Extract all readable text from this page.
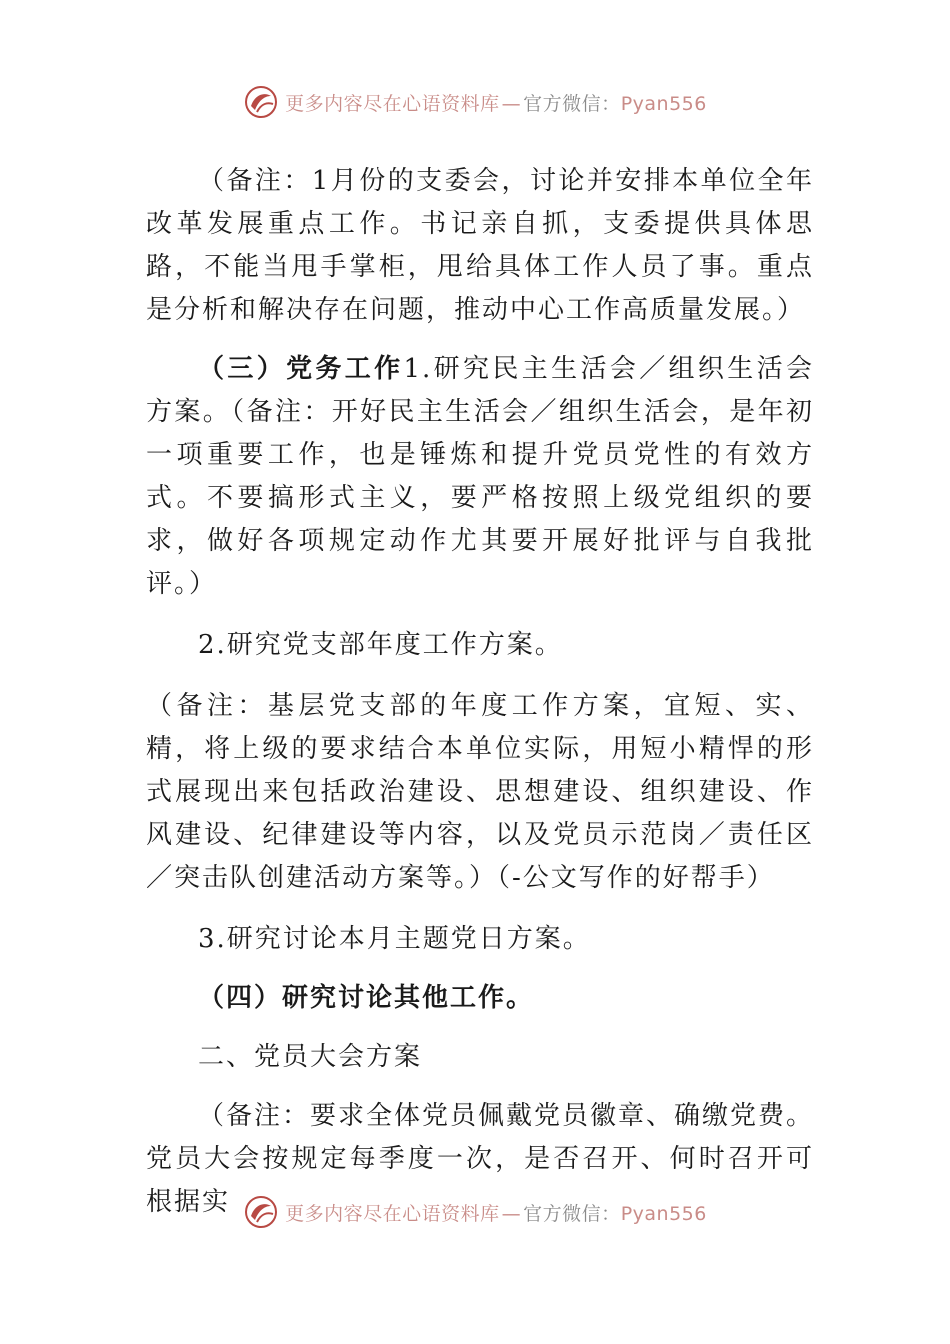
更多内容尽在心语资料库 — 官方微信：Pyan556

（备注：1月份的支委会，讨论并安排本单位全年改革发展重点工作。书记亲自抓，支委提供具体思路，不能当甩手掌柜，甩给具体工作人员了事。重点是分析和解决存在问题，推动中心工作高质量发展。）

（三）党务工作1.研究民主生活会／组织生活会方案。（备注：开好民主生活会／组织生活会，是年初一项重要工作，也是锤炼和提升党员党性的有效方式。不要搞形式主义，要严格按照上级党组织的要求，做好各项规定动作尤其要开展好批评与自我批评。）

2.研究党支部年度工作方案。

（备注：基层党支部的年度工作方案，宜短、实、精，将上级的要求结合本单位实际，用短小精悍的形式展现出来包括政治建设、思想建设、组织建设、作风建设、纪律建设等内容，以及党员示范岗／责任区／突击队创建活动方案等。）（-公文写作的好帮手）

3.研究讨论本月主题党日方案。

（四）研究讨论其他工作。

二、党员大会方案

（备注：要求全体党员佩戴党员徽章、确缴党费。党员大会按规定每季度一次，是否召开、何时召开可根据实	更多内容尽在心语资料库 — 官方微信：Pyan556
